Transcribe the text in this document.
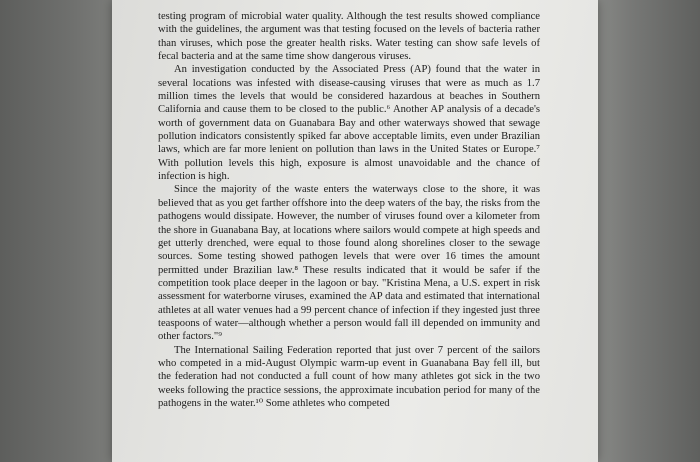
testing program of microbial water quality. Although the test results showed compliance with the guidelines, the argument was that testing focused on the levels of bacteria rather than viruses, which pose the greater health risks. Water testing can show safe levels of fecal bacteria and at the same time show dangerous viruses.

An investigation conducted by the Associated Press (AP) found that the water in several locations was infested with disease-causing viruses that were as much as 1.7 million times the levels that would be considered hazardous at beaches in Southern California and cause them to be closed to the public.⁶ Another AP analysis of a decade's worth of government data on Guanabara Bay and other waterways showed that sewage pollution indicators consistently spiked far above acceptable limits, even under Brazilian laws, which are far more lenient on pollution than laws in the United States or Europe.⁷ With pollution levels this high, exposure is almost unavoidable and the chance of infection is high.

Since the majority of the waste enters the waterways close to the shore, it was believed that as you get farther offshore into the deep waters of the bay, the risks from the pathogens would dissipate. However, the number of viruses found over a kilometer from the shore in Guanabana Bay, at locations where sailors would compete at high speeds and get utterly drenched, were equal to those found along shorelines closer to the sewage sources. Some testing showed pathogen levels that were over 16 times the amount permitted under Brazilian law.⁸ These results indicated that it would be safer if the competition took place deeper in the lagoon or bay. "Kristina Mena, a U.S. expert in risk assessment for waterborne viruses, examined the AP data and estimated that international athletes at all water venues had a 99 percent chance of infection if they ingested just three teaspoons of water—although whether a person would fall ill depended on immunity and other factors."⁹

The International Sailing Federation reported that just over 7 percent of the sailors who competed in a mid-August Olympic warm-up event in Guanabana Bay fell ill, but the federation had not conducted a full count of how many athletes got sick in the two weeks following the practice sessions, the approximate incubation period for many of the pathogens in the water.¹⁰ Some athletes who competed
